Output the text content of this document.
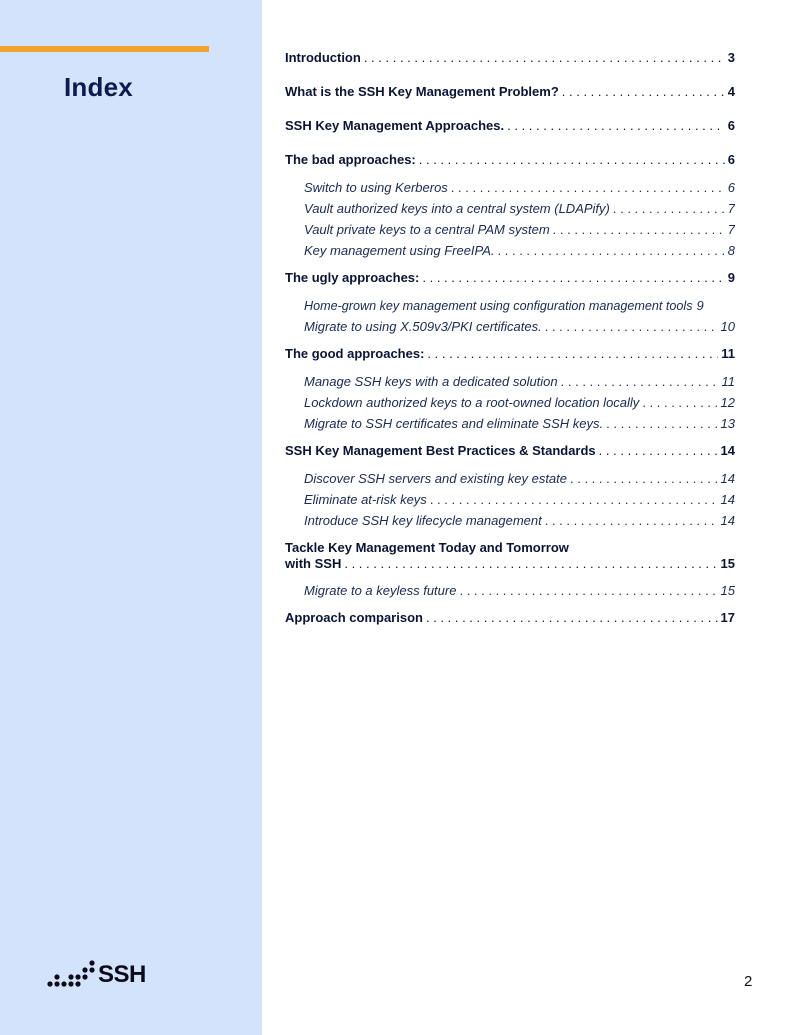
Index
SSH
Introduction . . .	3
What is the SSH Key Management Problem? . . .	4
SSH Key Management Approaches. . . .	6
The bad approaches: . . .	6
Switch to using Kerberos . . .	6
Vault authorized keys into a central system (LDAPify) . . .	7
Vault private keys to a central PAM system . . .	7
Key management using FreeIPA. . . .	8
The ugly approaches: . . .	9
Home-grown key management using configuration management tools 9
Migrate to using X.509v3/PKI certificates. . . .	10
The good approaches: . . .	11
Manage SSH keys with a dedicated solution . . .	11
Lockdown authorized keys to a root-owned location locally . . .	12
Migrate to SSH certificates and eliminate SSH keys. . . .	13
SSH Key Management Best Practices & Standards . . .	14
Discover SSH servers and existing key estate . . .	14
Eliminate at-risk keys . . .	14
Introduce SSH key lifecycle management . . .	14
Tackle Key Management Today and Tomorrow
with SSH . . .	15
Migrate to a keyless future . . .	15
Approach comparison . . .	17
2
